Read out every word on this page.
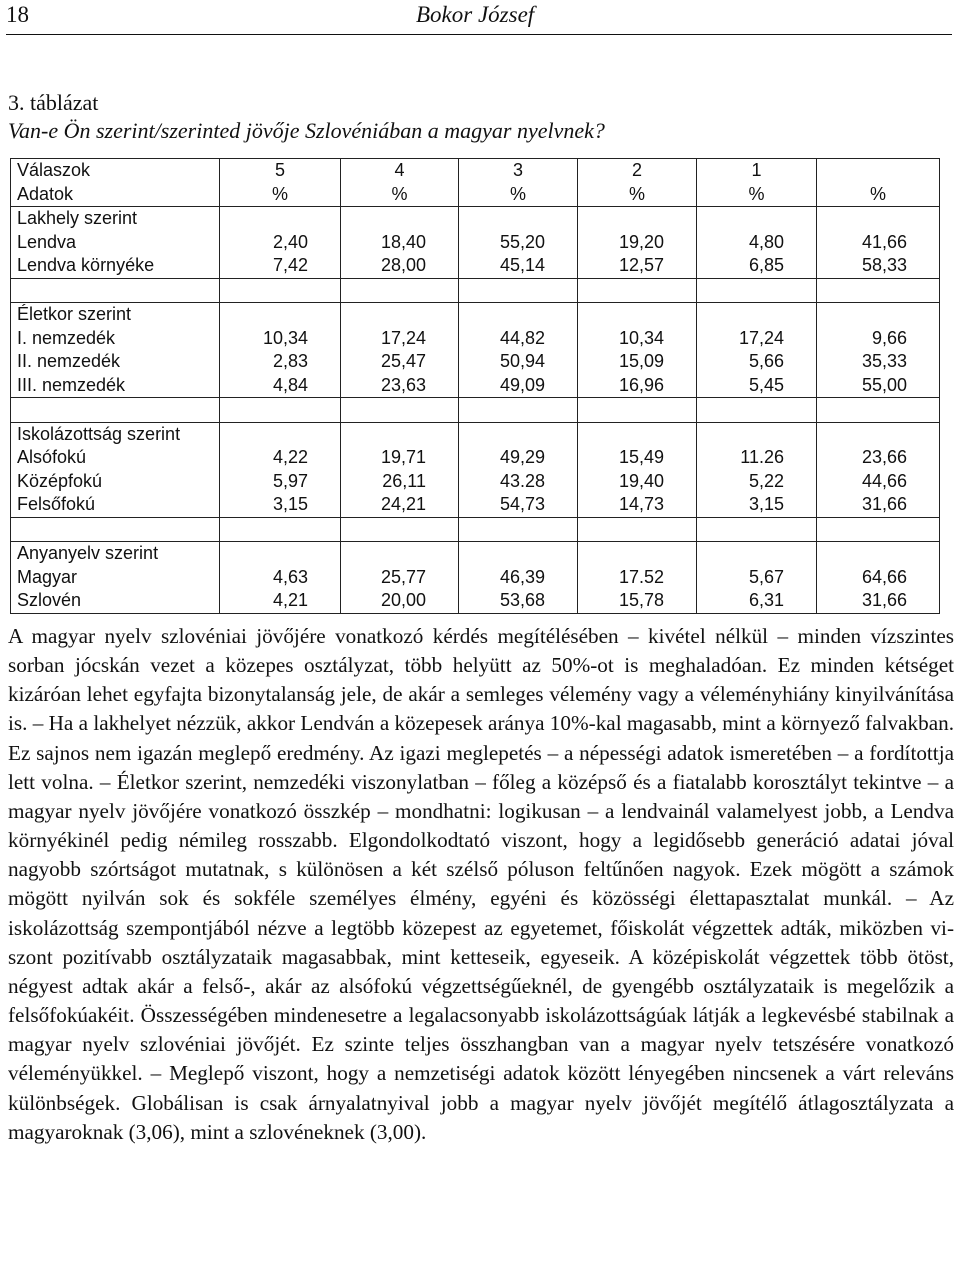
18	Bokor József
3. táblázat
Van-e Ön szerint/szerinted jövője Szlovéniában a magyar nyelvnek?
Válaszok	5	4	3	2	1	
Adatok	%	%	%	%	%	%
Lakhely szerint						
Lendva	2,40	18,40	55,20	19,20	4,80	41,66
Lendva környéke	7,42	28,00	45,14	12,57	6,85	58,33

Életkor szerint						
I. nemzedék	10,34	17,24	44,82	10,34	17,24	9,66
II. nemzedék	2,83	25,47	50,94	15,09	5,66	35,33
III. nemzedék	4,84	23,63	49,09	16,96	5,45	55,00

Iskolázottság szerint						
Alsófokú	4,22	19,71	49,29	15,49	11.26	23,66
Középfokú	5,97	26,11	43.28	19,40	5,22	44,66
Felsőfokú	3,15	24,21	54,73	14,73	3,15	31,66

Anyanyelv szerint						
Magyar	4,63	25,77	46,39	17.52	5,67	64,66
Szlovén	4,21	20,00	53,68	15,78	6,31	31,66

A magyar nyelv szlovéniai jövőjére vonatkozó kérdés megítélésében – kivétel nélkül – minden vízszintes sorban jócskán vezet a közepes osztályzat, több helyütt az 50%-ot is meghaladóan. Ez minden kétséget kizáróan lehet egyfajta bizonytalanság jele, de akár a semleges vélemény vagy a véleményhiány kinyilvánítása is. – Ha a lakhelyet nézzük, akkor Lendván a közepesek aránya 10%-kal magasabb, mint a környező falvakban. Ez sajnos nem igazán meglepő eredmény. Az igazi meglepetés – a népességi adatok ismeretében – a fordítottja lett volna. – Életkor szerint, nemzedéki viszonylatban – főleg a középső és a fiatalabb korosztályt tekintve – a magyar nyelv jövőjére vonatkozó összkép – mondhatni: logikusan – a lendvainál valamelyest jobb, a Lendva környékinél pedig némileg rosszabb. Elgondolkodtató viszont, hogy a legidősebb generáció adatai jóval nagyobb szórtságot mutatnak, s különösen a két szélső póluson feltűnően nagyok. Ezek mögött a számok mögött nyilván sok és sokféle személyes élmény, egyéni és közösségi élettapasztalat munkál. – Az iskolázottság szempontjából nézve a legtöbb közepest az egyetemet, főiskolát végzettek adták, miközben viszont pozitívabb osztályzataik magasabbak, mint ketteseik, egyeseik. A középiskolát végzettek több ötöst, négyest adtak akár a felső-, akár az alsófokú végzettségűeknél, de gyengébb osztályzataik is megelőzik a felsőfokúakéit. Összességében mindenesetre a legalacsonyabb iskolázottságúak látják a legkevésbé stabilnak a magyar nyelv szlovéniai jövőjét. Ez szinte teljes összhangban van a magyar nyelv tetszésére vonatkozó véleményükkel. – Meglepő viszont, hogy a nemzetiségi adatok között lényegében nincsenek a várt releváns különbségek. Globálisan is csak árnyalatnyival jobb a magyar nyelv jövőjét megítélő átlagosztályzata a magyaroknak (3,06), mint a szlovéneknek (3,00).
